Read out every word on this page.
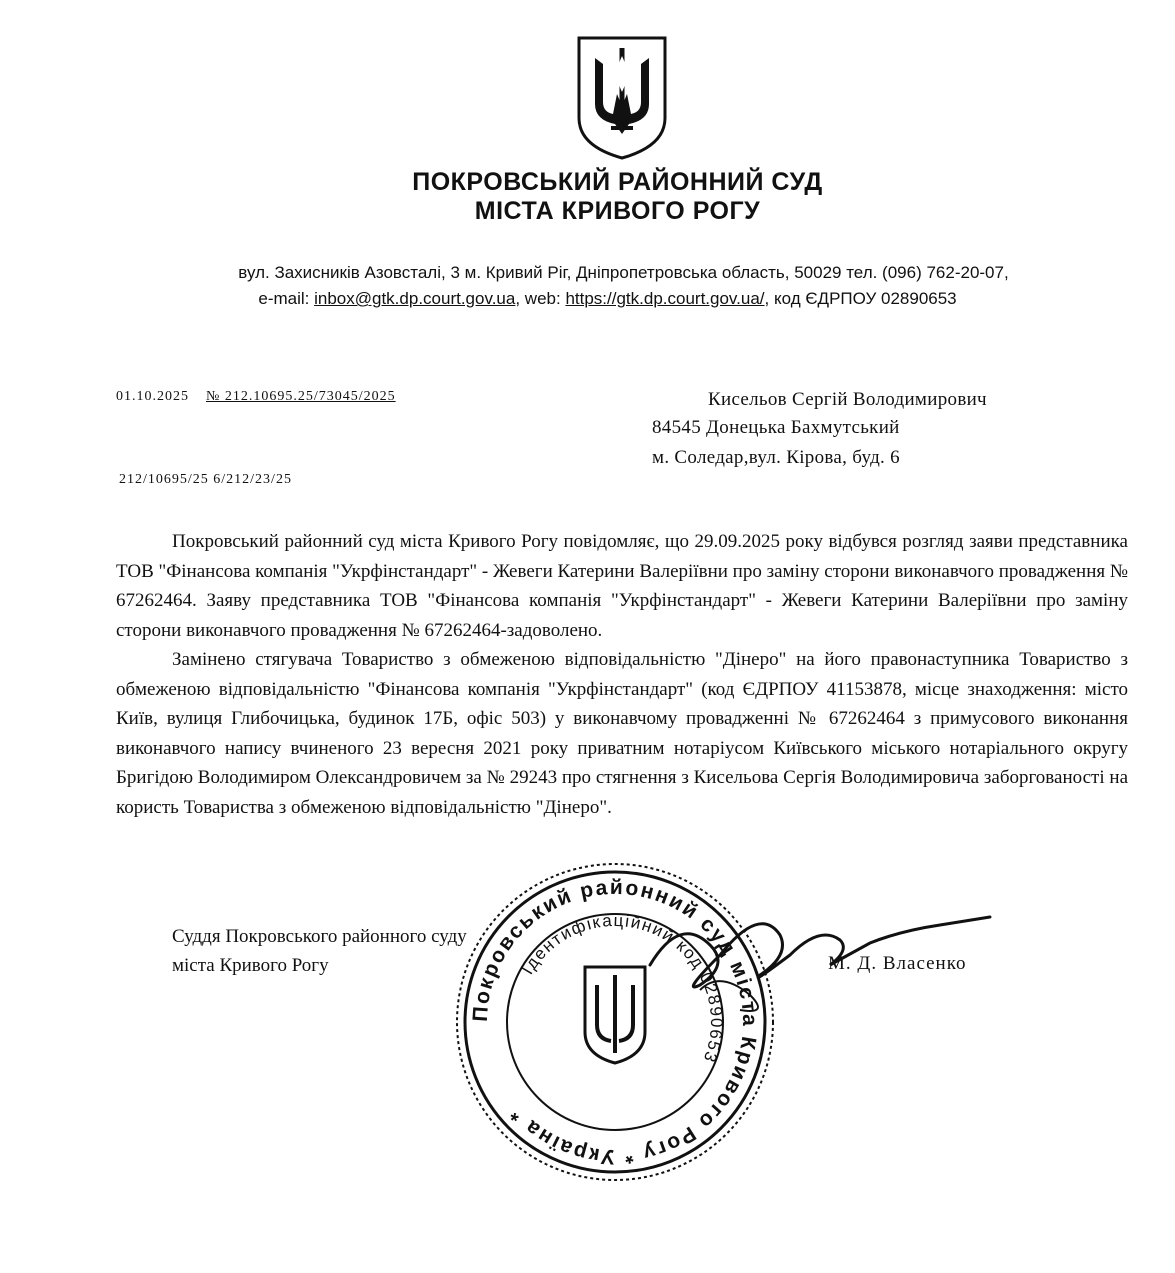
ПОКРОВСЬКИЙ РАЙОННИЙ СУД
МІСТА КРИВОГО РОГУ
вул. Захисників Азовсталі, 3 м. Кривий Ріг, Дніпропетровська область, 50029 тел. (096) 762-20-07,
e-mail: inbox@gtk.dp.court.gov.ua, web: https://gtk.dp.court.gov.ua/, код ЄДРПОУ 02890653
01.10.2025 № 212.10695.25/73045/2025
212/10695/25 6/212/23/25
Кисельов Сергій Володимирович
84545 Донецька Бахмутський
м. Соледар,вул. Кірова, буд. 6

Покровський районний суд міста Кривого Рогу повідомляє, що 29.09.2025 року відбувся розгляд заяви представника ТОВ "Фінансова компанія "Укрфінстандарт" - Жевеги Катерини Валеріївни про заміну сторони виконавчого провадження № 67262464. Заяву представника ТОВ "Фінансова компанія "Укрфінстандарт" - Жевеги Катерини Валеріївни про заміну сторони виконавчого провадження № 67262464-задоволено.

Замінено стягувача Товариство з обмеженою відповідальністю "Дінеро" на його правонаступника Товариство з обмеженою відповідальністю "Фінансова компанія "Укрфінстандарт" (код ЄДРПОУ 41153878, місце знаходження: місто Київ, вулиця Глибочицька, будинок 17Б, офіс 503) у виконавчому провадженні № 67262464 з примусового виконання виконавчого напису вчиненого 23 вересня 2021 року приватним нотаріусом Київського міського нотаріального округу Бригідою Володимиром Олександровичем за № 29243 про стягнення з Кисельова Сергія Володимировича заборгованості на користь Товариства з обмеженою відповідальністю "Дінеро".

Суддя Покровського районного суду
міста Кривого Рогу	М. Д. Власенко
Покровський районний суд міста Кривого Рогу * Україна *
Ідентифікаційний код 02890653
